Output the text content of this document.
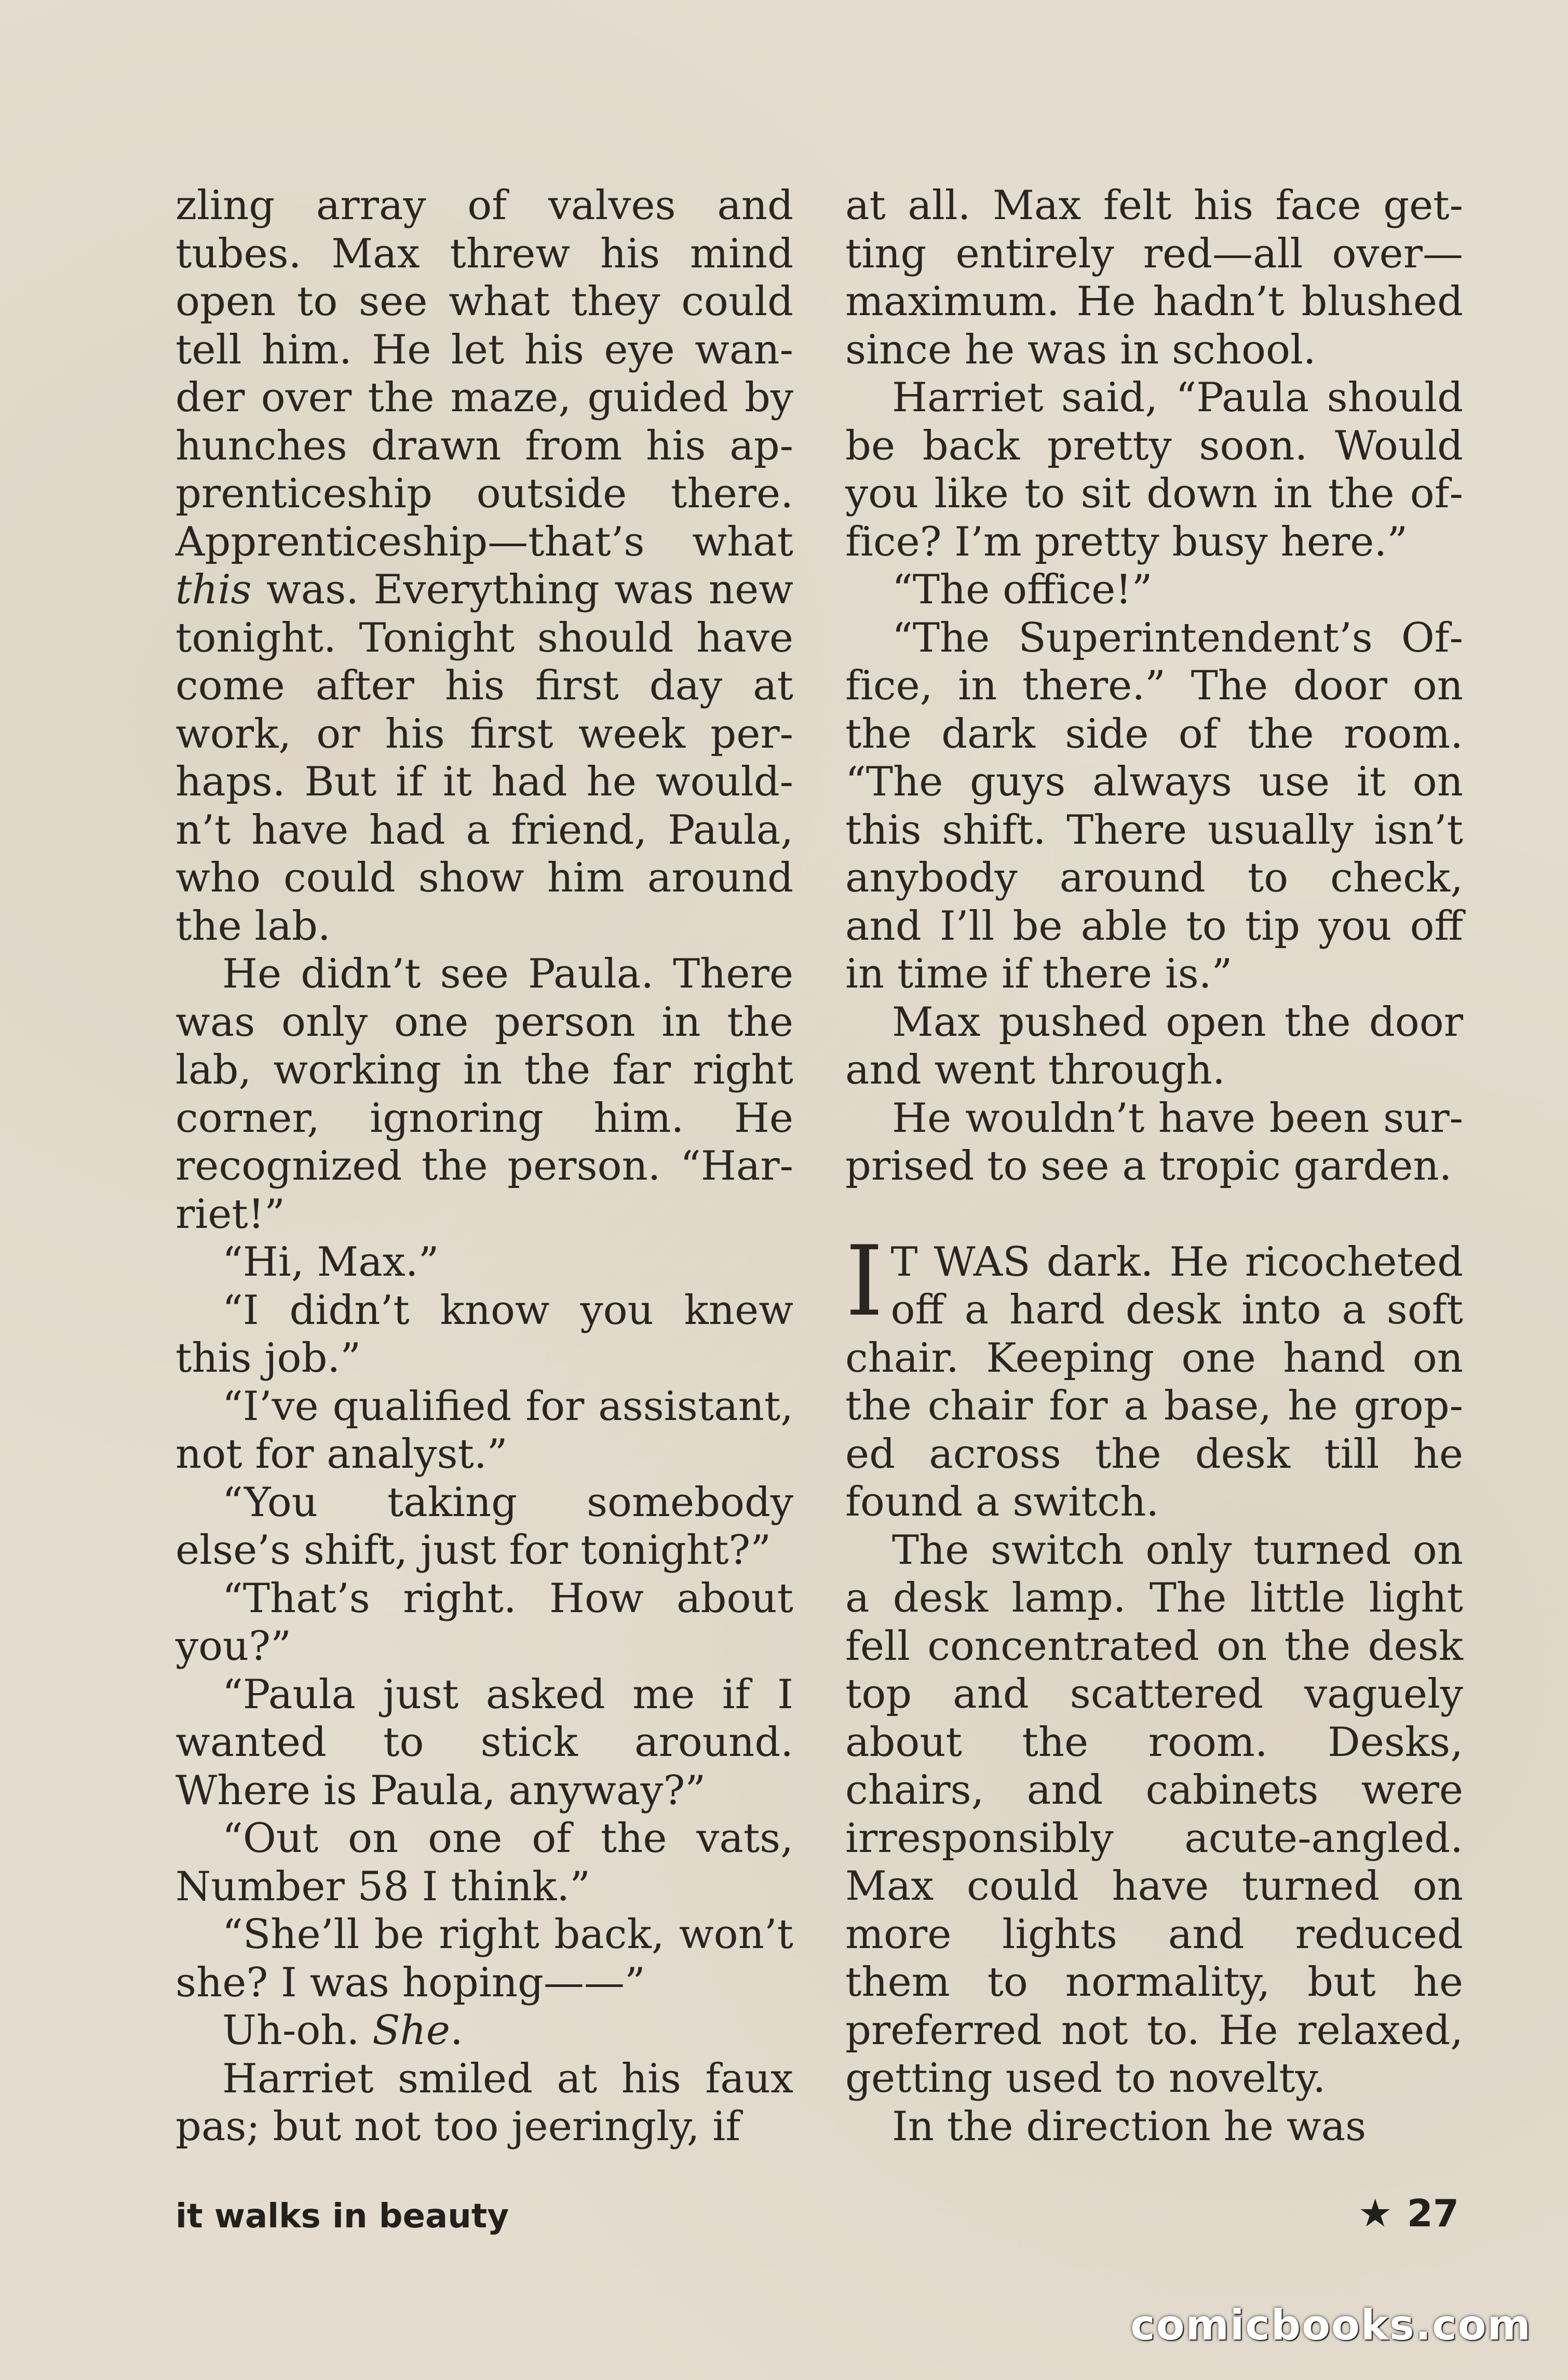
zling array of valves and tubes. Max threw his mind open to see what they could tell him. He let his eye wander over the maze, guided by hunches drawn from his apprenticeship outside there. Apprenticeship—that’s what this was. Everything was new tonight. Tonight should have come after his first day at work, or his first week perhaps. But if it had he wouldn’t have had a friend, Paula, who could show him around the lab.

He didn’t see Paula. There was only one person in the lab, working in the far right corner, ignoring him. He recognized the person. “Harriet!”

“Hi, Max.”

“I didn’t know you knew this job.”

“I’ve qualified for assistant, not for analyst.”

“You taking somebody else’s shift, just for tonight?”

“That’s right. How about you?”

“Paula just asked me if I wanted to stick around. Where is Paula, anyway?”

“Out on one of the vats, Number 58 I think.”

“She’ll be right back, won’t she? I was hoping——”

Uh-oh. She.

Harriet smiled at his faux pas; but not too jeeringly, if

at all. Max felt his face getting entirely red—all over—maximum. He hadn’t blushed since he was in school.

Harriet said, “Paula should be back pretty soon. Would you like to sit down in the office? I’m pretty busy here.”

“The office!”

“The Superintendent’s Office, in there.” The door on the dark side of the room. “The guys always use it on this shift. There usually isn’t anybody around to check, and I’ll be able to tip you off in time if there is.”

Max pushed open the door and went through.

He wouldn’t have been surprised to see a tropic garden.

I T WAS dark. He ricocheted off a hard desk into a soft chair. Keeping one hand on the chair for a base, he groped across the desk till he found a switch.

The switch only turned on a desk lamp. The little light fell concentrated on the desk top and scattered vaguely about the room. Desks, chairs, and cabinets were irresponsibly acute-angled. Max could have turned on more lights and reduced them to normality, but he preferred not to. He relaxed, getting used to novelty.

In the direction he was

it walks in beauty	★ 27
comicbooks.com
